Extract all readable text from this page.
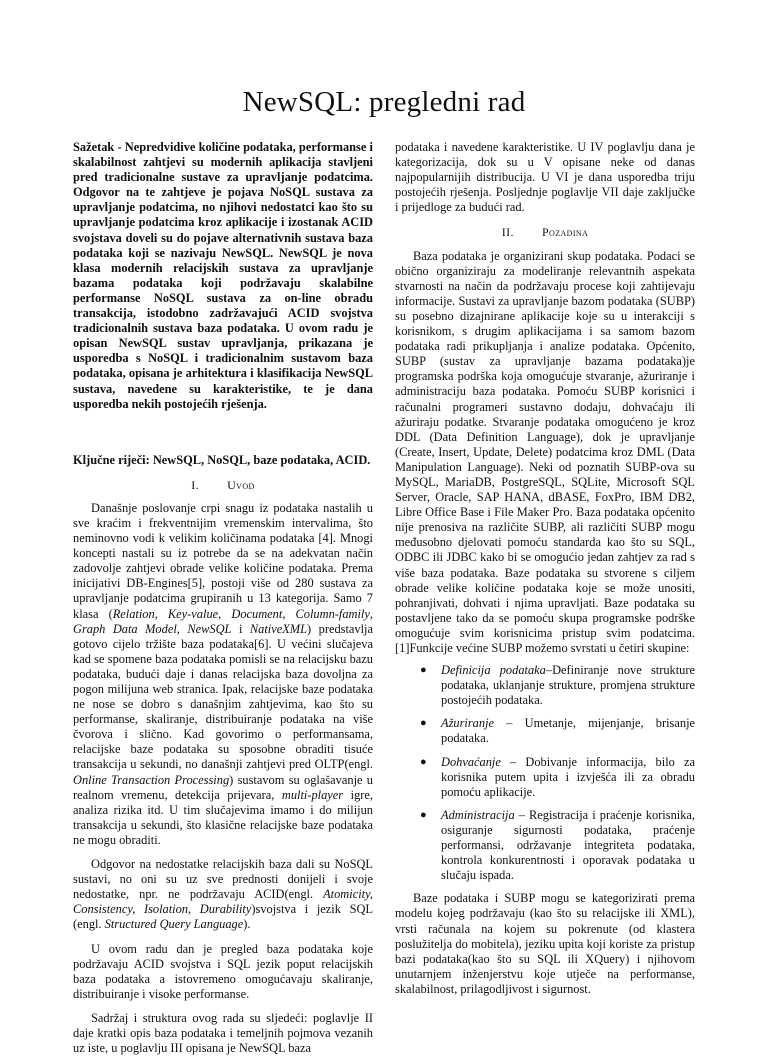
NewSQL: pregledni rad

Sažetak - Nepredvidive količine podataka, performanse i skalabilnost zahtjevi su modernih aplikacija stavljeni pred tradicionalne sustave za upravljanje podatcima. Odgovor na te zahtjeve je pojava NoSQL sustava za upravljanje podatcima, no njihovi nedostatci kao što su upravljanje podatcima kroz aplikacije i izostanak ACID svojstava doveli su do pojave alternativnih sustava baza podataka koji se nazivaju NewSQL. NewSQL je nova klasa modernih relacijskih sustava za upravljanje bazama podataka koji podržavaju skalabilne performanse NoSQL sustava za on-line obradu transakcija, istodobno zadržavajući ACID svojstva tradicionalnih sustava baza podataka. U ovom radu je opisan NewSQL sustav upravljanja, prikazana je usporedba s NoSQL i tradicionalnim sustavom baza podataka, opisana je arhitektura i klasifikacija NewSQL sustava, navedene su karakteristike, te je dana usporedba nekih postojećih rješenja.

Ključne riječi: NewSQL, NoSQL, baze podataka, ACID.

I. Uvod

Današnje poslovanje crpi snagu iz podataka nastalih u sve kraćim i frekventnijim vremenskim intervalima, što neminovno vodi k velikim količinama podataka [4]. Mnogi koncepti nastali su iz potrebe da se na adekvatan način zadovolje zahtjevi obrade velike količine podataka. Prema inicijativi DB-Engines[5], postoji više od 280 sustava za upravljanje podatcima grupiranih u 13 kategorija. Samo 7 klasa (Relation, Key-value, Document, Column-family, Graph Data Model, NewSQL i NativeXML) predstavlja gotovo cijelo tržište baza podataka[6]. U većini slučajeva kad se spomene baza podataka pomisli se na relacijsku bazu podataka, budući daje i danas relacijska baza dovoljna za pogon milijuna web stranica. Ipak, relacijske baze podataka ne nose se dobro s današnjim zahtjevima, kao što su performanse, skaliranje, distribuiranje podataka na više čvorova i slično. Kad govorimo o performansama, relacijske baze podataka su sposobne obraditi tisuće transakcija u sekundi, no današnji zahtjevi pred OLTP(engl. Online Transaction Processing) sustavom su oglašavanje u realnom vremenu, detekcija prijevara, multi-player igre, analiza rizika itd. U tim slučajevima imamo i do milijun transakcija u sekundi, što klasične relacijske baze podataka ne mogu obraditi.

Odgovor na nedostatke relacijskih baza dali su NoSQL sustavi, no oni su uz sve prednosti donijeli i svoje nedostatke, npr. ne podržavaju ACID(engl. Atomicity, Consistency, Isolation, Durability)svojstva i jezik SQL (engl. Structured Query Language).

U ovom radu dan je pregled baza podataka koje podržavaju ACID svojstva i SQL jezik poput relacijskih baza podataka a istovremeno omogućavaju skaliranje, distribuiranje i visoke performanse.

Sadržaj i struktura ovog rada su sljedeći: poglavlje II daje kratki opis baza podataka i temeljnih pojmova vezanih uz iste, u poglavlju III opisana je NewSQL baza

podataka i navedene karakteristike. U IV poglavlju dana je kategorizacija, dok su u V opisane neke od danas najpopularnijih distribucija. U VI je dana usporedba triju postojećih rješenja. Posljednje poglavlje VII daje zaključke i prijedloge za budući rad.

II. Pozadina

Baza podataka je organizirani skup podataka. Podaci se obično organiziraju za modeliranje relevantnih aspekata stvarnosti na način da podržavaju procese koji zahtijevaju informacije. Sustavi za upravljanje bazom podataka (SUBP) su posebno dizajnirane aplikacije koje su u interakciji s korisnikom, s drugim aplikacijama i sa samom bazom podataka radi prikupljanja i analize podataka. Općenito, SUBP (sustav za upravljanje bazama podataka)je programska podrška koja omogućuje stvaranje, ažuriranje i administraciju baza podataka. Pomoću SUBP korisnici i računalni programeri sustavno dodaju, dohvaćaju ili ažuriraju podatke. Stvaranje podataka omogućeno je kroz DDL (Data Definition Language), dok je upravljanje (Create, Insert, Update, Delete) podatcima kroz DML (Data Manipulation Language). Neki od poznatih SUBP-ova su MySQL, MariaDB, PostgreSQL, SQLite, Microsoft SQL Server, Oracle, SAP HANA, dBASE, FoxPro, IBM DB2, Libre Office Base i File Maker Pro. Baza podataka općenito nije prenosiva na različite SUBP, ali različiti SUBP mogu međusobno djelovati pomoću standarda kao što su SQL, ODBC ili JDBC kako bi se omogućio jedan zahtjev za rad s više baza podataka. Baze podataka su stvorene s ciljem obrade velike količine podataka koje se može unositi, pohranjivati, dohvati i njima upravljati. Baze podataka su postavljene tako da se pomoću skupa programske podrške omogućuje svim korisnicima pristup svim podatcima.[1]Funkcije većine SUBP možemo svrstati u četiri skupine:

● Definicija podataka–Definiranje nove strukture podataka, uklanjanje strukture, promjena strukture postojećih podataka.
● Ažuriranje – Umetanje, mijenjanje, brisanje podataka.
● Dohvaćanje – Dobivanje informacija, bilo za korisnika putem upita i izvješća ili za obradu pomoću aplikacije.
● Administracija – Registracija i praćenje korisnika, osiguranje sigurnosti podataka, praćenje performansi, održavanje integriteta podataka, kontrola konkurentnosti i oporavak podataka u slučaju ispada.

Baze podataka i SUBP mogu se kategorizirati prema modelu kojeg podržavaju (kao što su relacijske ili XML), vrsti računala na kojem su pokrenute (od klastera poslužitelja do mobitela), jeziku upita koji koriste za pristup bazi podataka(kao što su SQL ili XQuery) i njihovom unutarnjem inženjerstvu koje utječe na performanse, skalabilnost, prilagodljivost i sigurnost.
